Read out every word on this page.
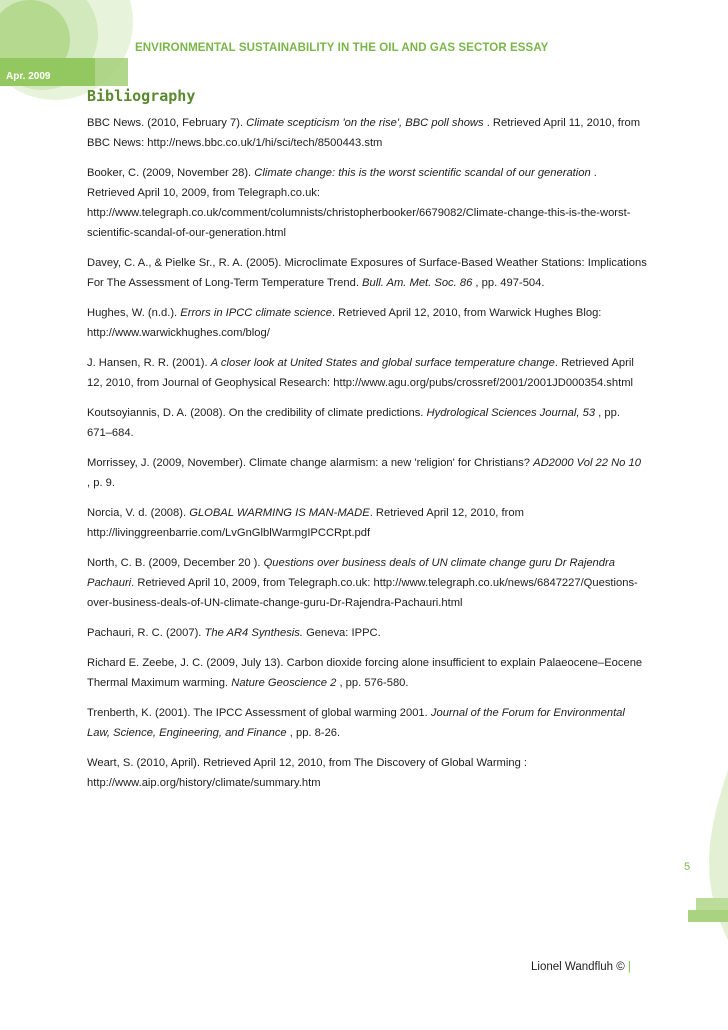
ENVIRONMENTAL SUSTAINABILITY IN THE OIL AND GAS SECTOR ESSAY
Apr. 2009
Bibliography
BBC News. (2010, February 7). Climate scepticism 'on the rise', BBC poll shows . Retrieved April 11, 2010, from BBC News: http://news.bbc.co.uk/1/hi/sci/tech/8500443.stm
Booker, C. (2009, November 28). Climate change: this is the worst scientific scandal of our generation . Retrieved April 10, 2009, from Telegraph.co.uk: http://www.telegraph.co.uk/comment/columnists/christopherbooker/6679082/Climate-change-this-is-the-worst-scientific-scandal-of-our-generation.html
Davey, C. A., & Pielke Sr., R. A. (2005). Microclimate Exposures of Surface-Based Weather Stations: Implications For The Assessment of Long-Term Temperature Trend. Bull. Am. Met. Soc. 86 , pp. 497-504.
Hughes, W. (n.d.). Errors in IPCC climate science. Retrieved April 12, 2010, from Warwick Hughes Blog: http://www.warwickhughes.com/blog/
J. Hansen, R. R. (2001). A closer look at United States and global surface temperature change. Retrieved April 12, 2010, from Journal of Geophysical Research: http://www.agu.org/pubs/crossref/2001/2001JD000354.shtml
Koutsoyiannis, D. A. (2008). On the credibility of climate predictions. Hydrological Sciences Journal, 53 , pp. 671–684.
Morrissey, J. (2009, November). Climate change alarmism: a new 'religion' for Christians? AD2000 Vol 22 No 10 , p. 9.
Norcia, V. d. (2008). GLOBAL WARMING IS MAN-MADE. Retrieved April 12, 2010, from http://livinggreenbarrie.com/LvGnGlblWarmgIPCCRpt.pdf
North, C. B. (2009, December 20 ). Questions over business deals of UN climate change guru Dr Rajendra Pachauri. Retrieved April 10, 2009, from Telegraph.co.uk: http://www.telegraph.co.uk/news/6847227/Questions-over-business-deals-of-UN-climate-change-guru-Dr-Rajendra-Pachauri.html
Pachauri, R. C. (2007). The AR4 Synthesis. Geneva: IPPC.
Richard E. Zeebe, J. C. (2009, July 13). Carbon dioxide forcing alone insufficient to explain Palaeocene–Eocene Thermal Maximum warming. Nature Geoscience 2 , pp. 576-580.
Trenberth, K. (2001). The IPCC Assessment of global warming 2001. Journal of the Forum for Environmental Law, Science, Engineering, and Finance , pp. 8-26.
Weart, S. (2010, April). Retrieved April 12, 2010, from The Discovery of Global Warming : http://www.aip.org/history/climate/summary.htm
5
Lionel Wandfluh © |
